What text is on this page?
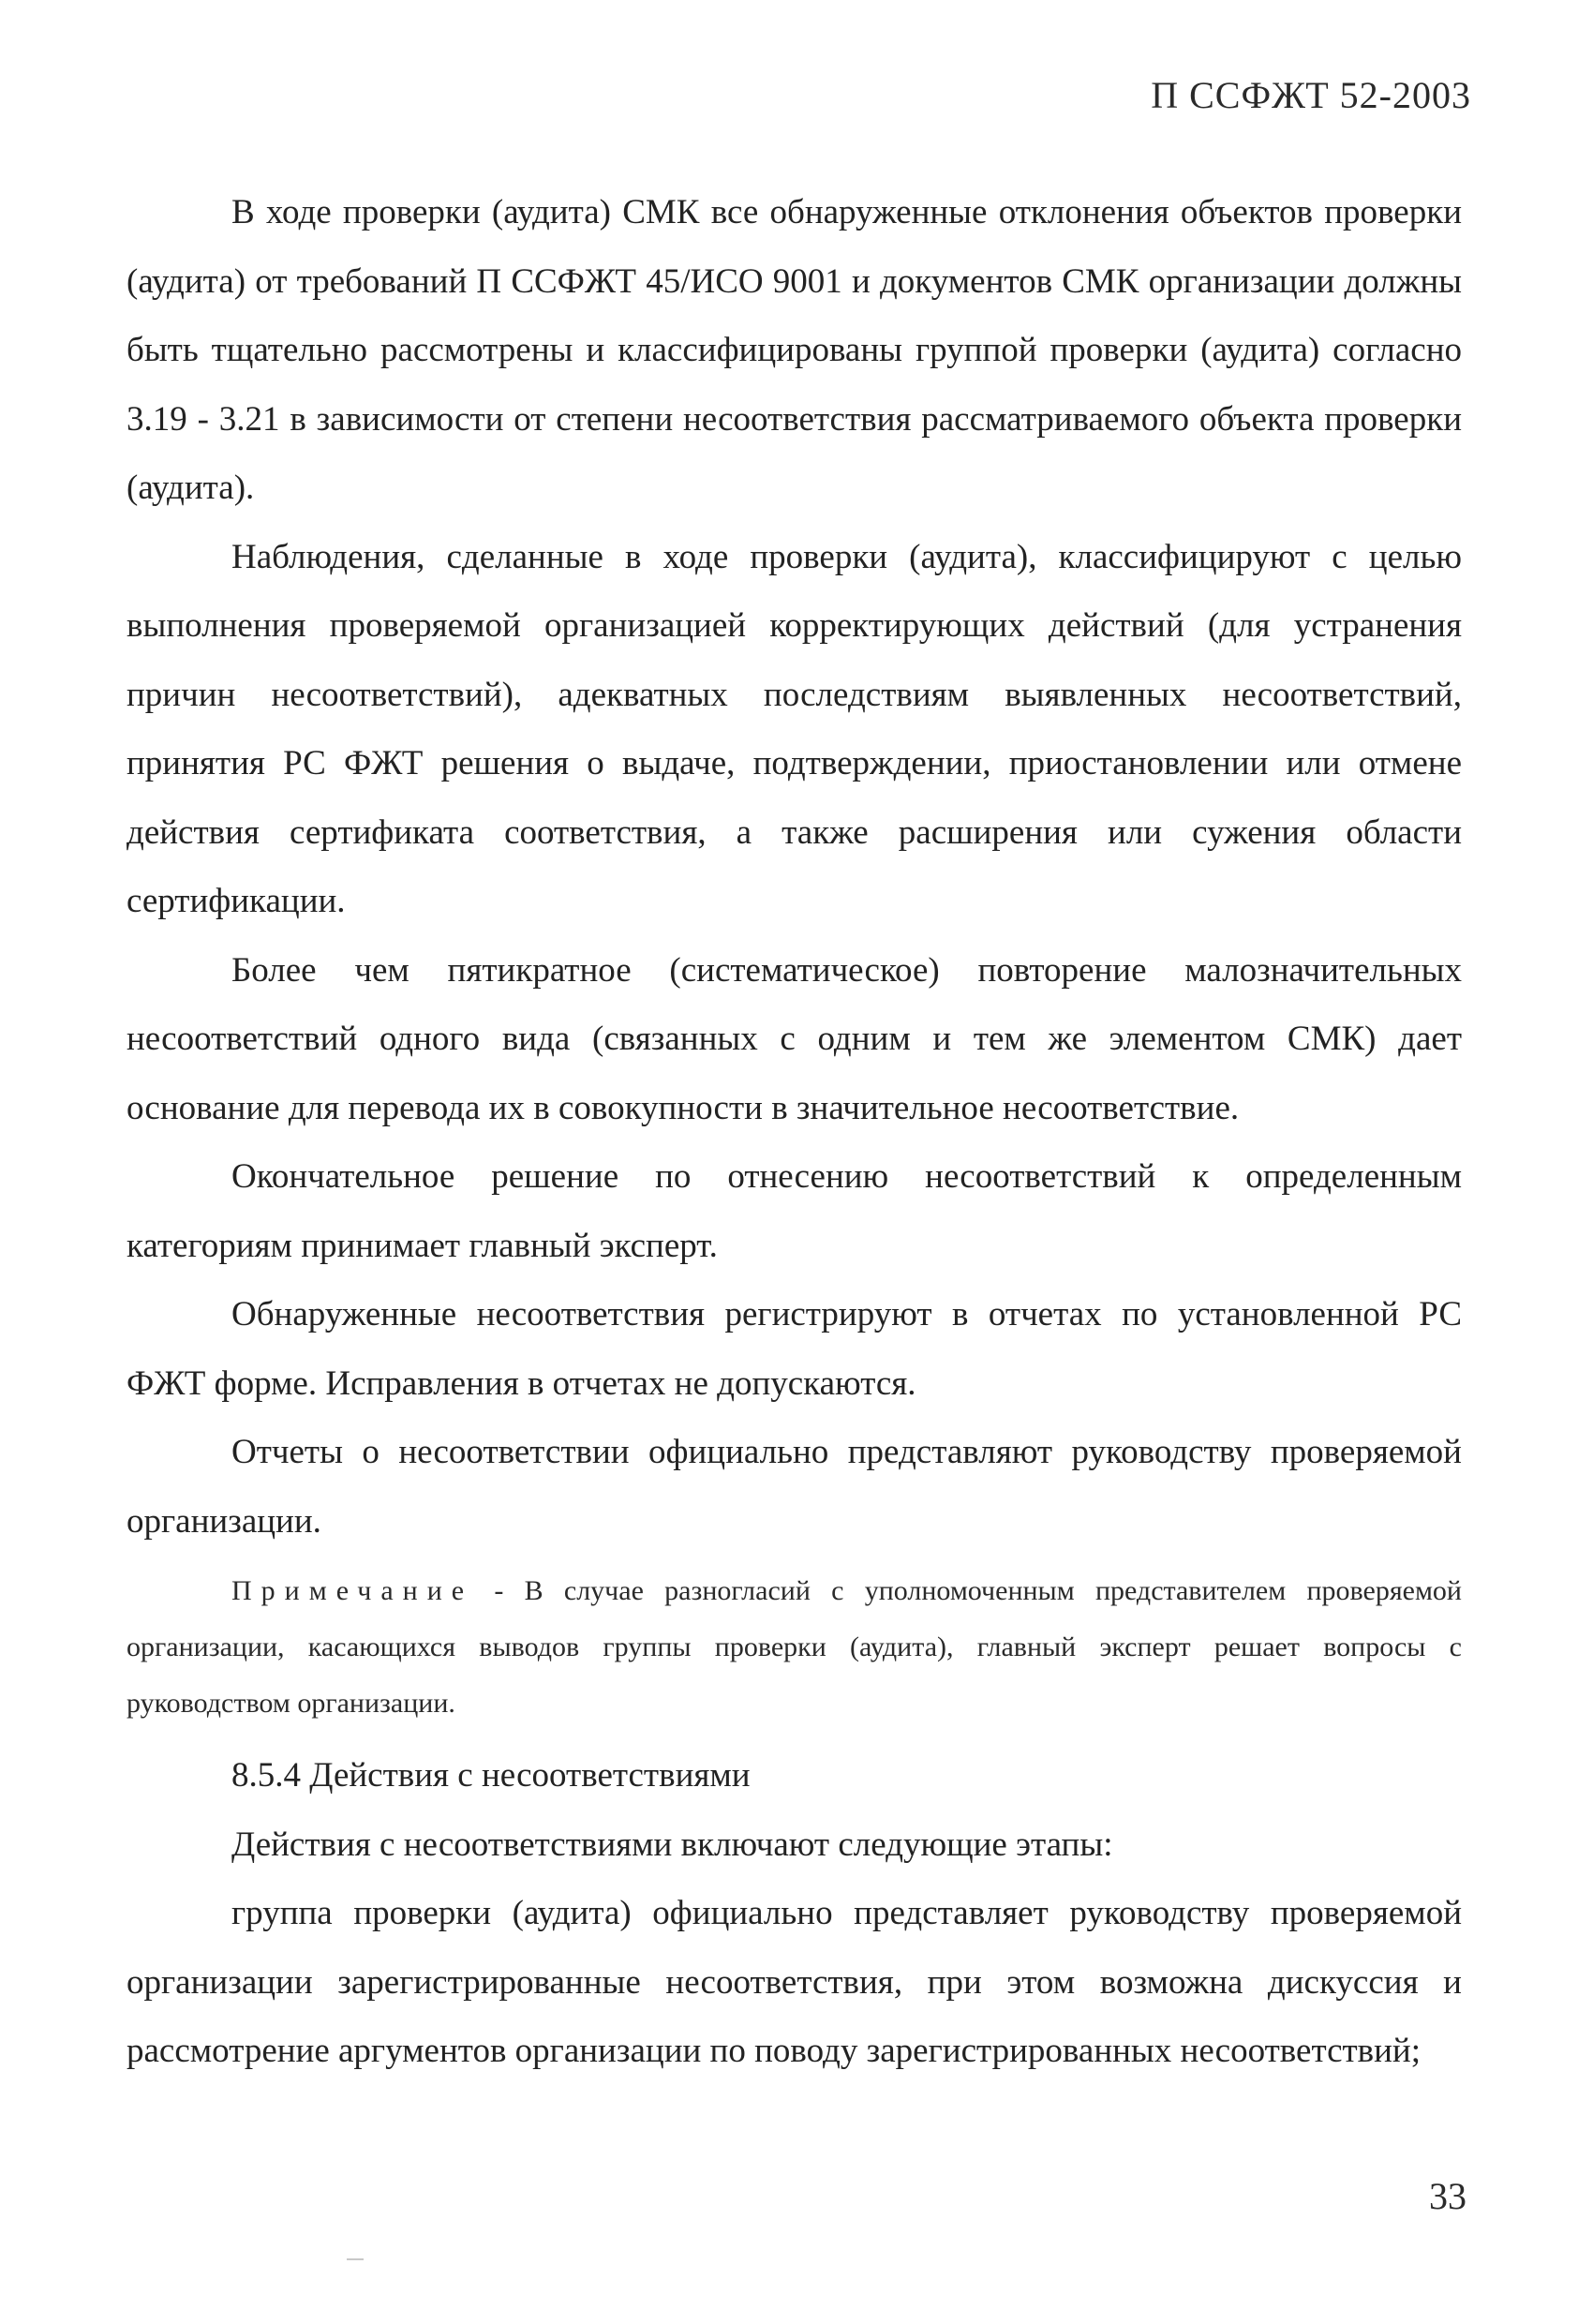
П ССФЖТ 52-2003

В ходе проверки (аудита) СМК все обнаруженные отклонения объектов проверки (аудита) от требований П ССФЖТ 45/ИСО 9001 и документов СМК организации должны быть тщательно рассмотрены и классифицированы группой проверки (аудита) согласно 3.19 - 3.21 в зависимости от степени несоответствия рассматриваемого объекта проверки (аудита).

Наблюдения, сделанные в ходе проверки (аудита), классифицируют с целью выполнения проверяемой организацией корректирующих действий (для устранения причин несоответствий), адекватных последствиям выявленных несоответствий, принятия РС ФЖТ решения о выдаче, подтверждении, приостановлении или отмене действия сертификата соответствия, а также расширения или сужения области сертификации.

Более чем пятикратное (систематическое) повторение малозначительных несоответствий одного вида (связанных с одним и тем же элементом СМК) дает основание для перевода их в совокупности в значительное несоответствие.

Окончательное решение по отнесению несоответствий к определенным категориям принимает главный эксперт.

Обнаруженные несоответствия регистрируют в отчетах по установленной РС ФЖТ форме. Исправления в отчетах не допускаются.

Отчеты о несоответствии официально представляют руководству проверяемой организации.

Примечание - В случае разногласий с уполномоченным представителем проверяемой организации, касающихся выводов группы проверки (аудита), главный эксперт решает вопросы с руководством организации.

8.5.4 Действия с несоответствиями

Действия с несоответствиями включают следующие этапы:

группа проверки (аудита) официально представляет руководству проверяемой организации зарегистрированные несоответствия, при этом возможна дискуссия и рассмотрение аргументов организации по поводу зарегистрированных несоответствий;

33
